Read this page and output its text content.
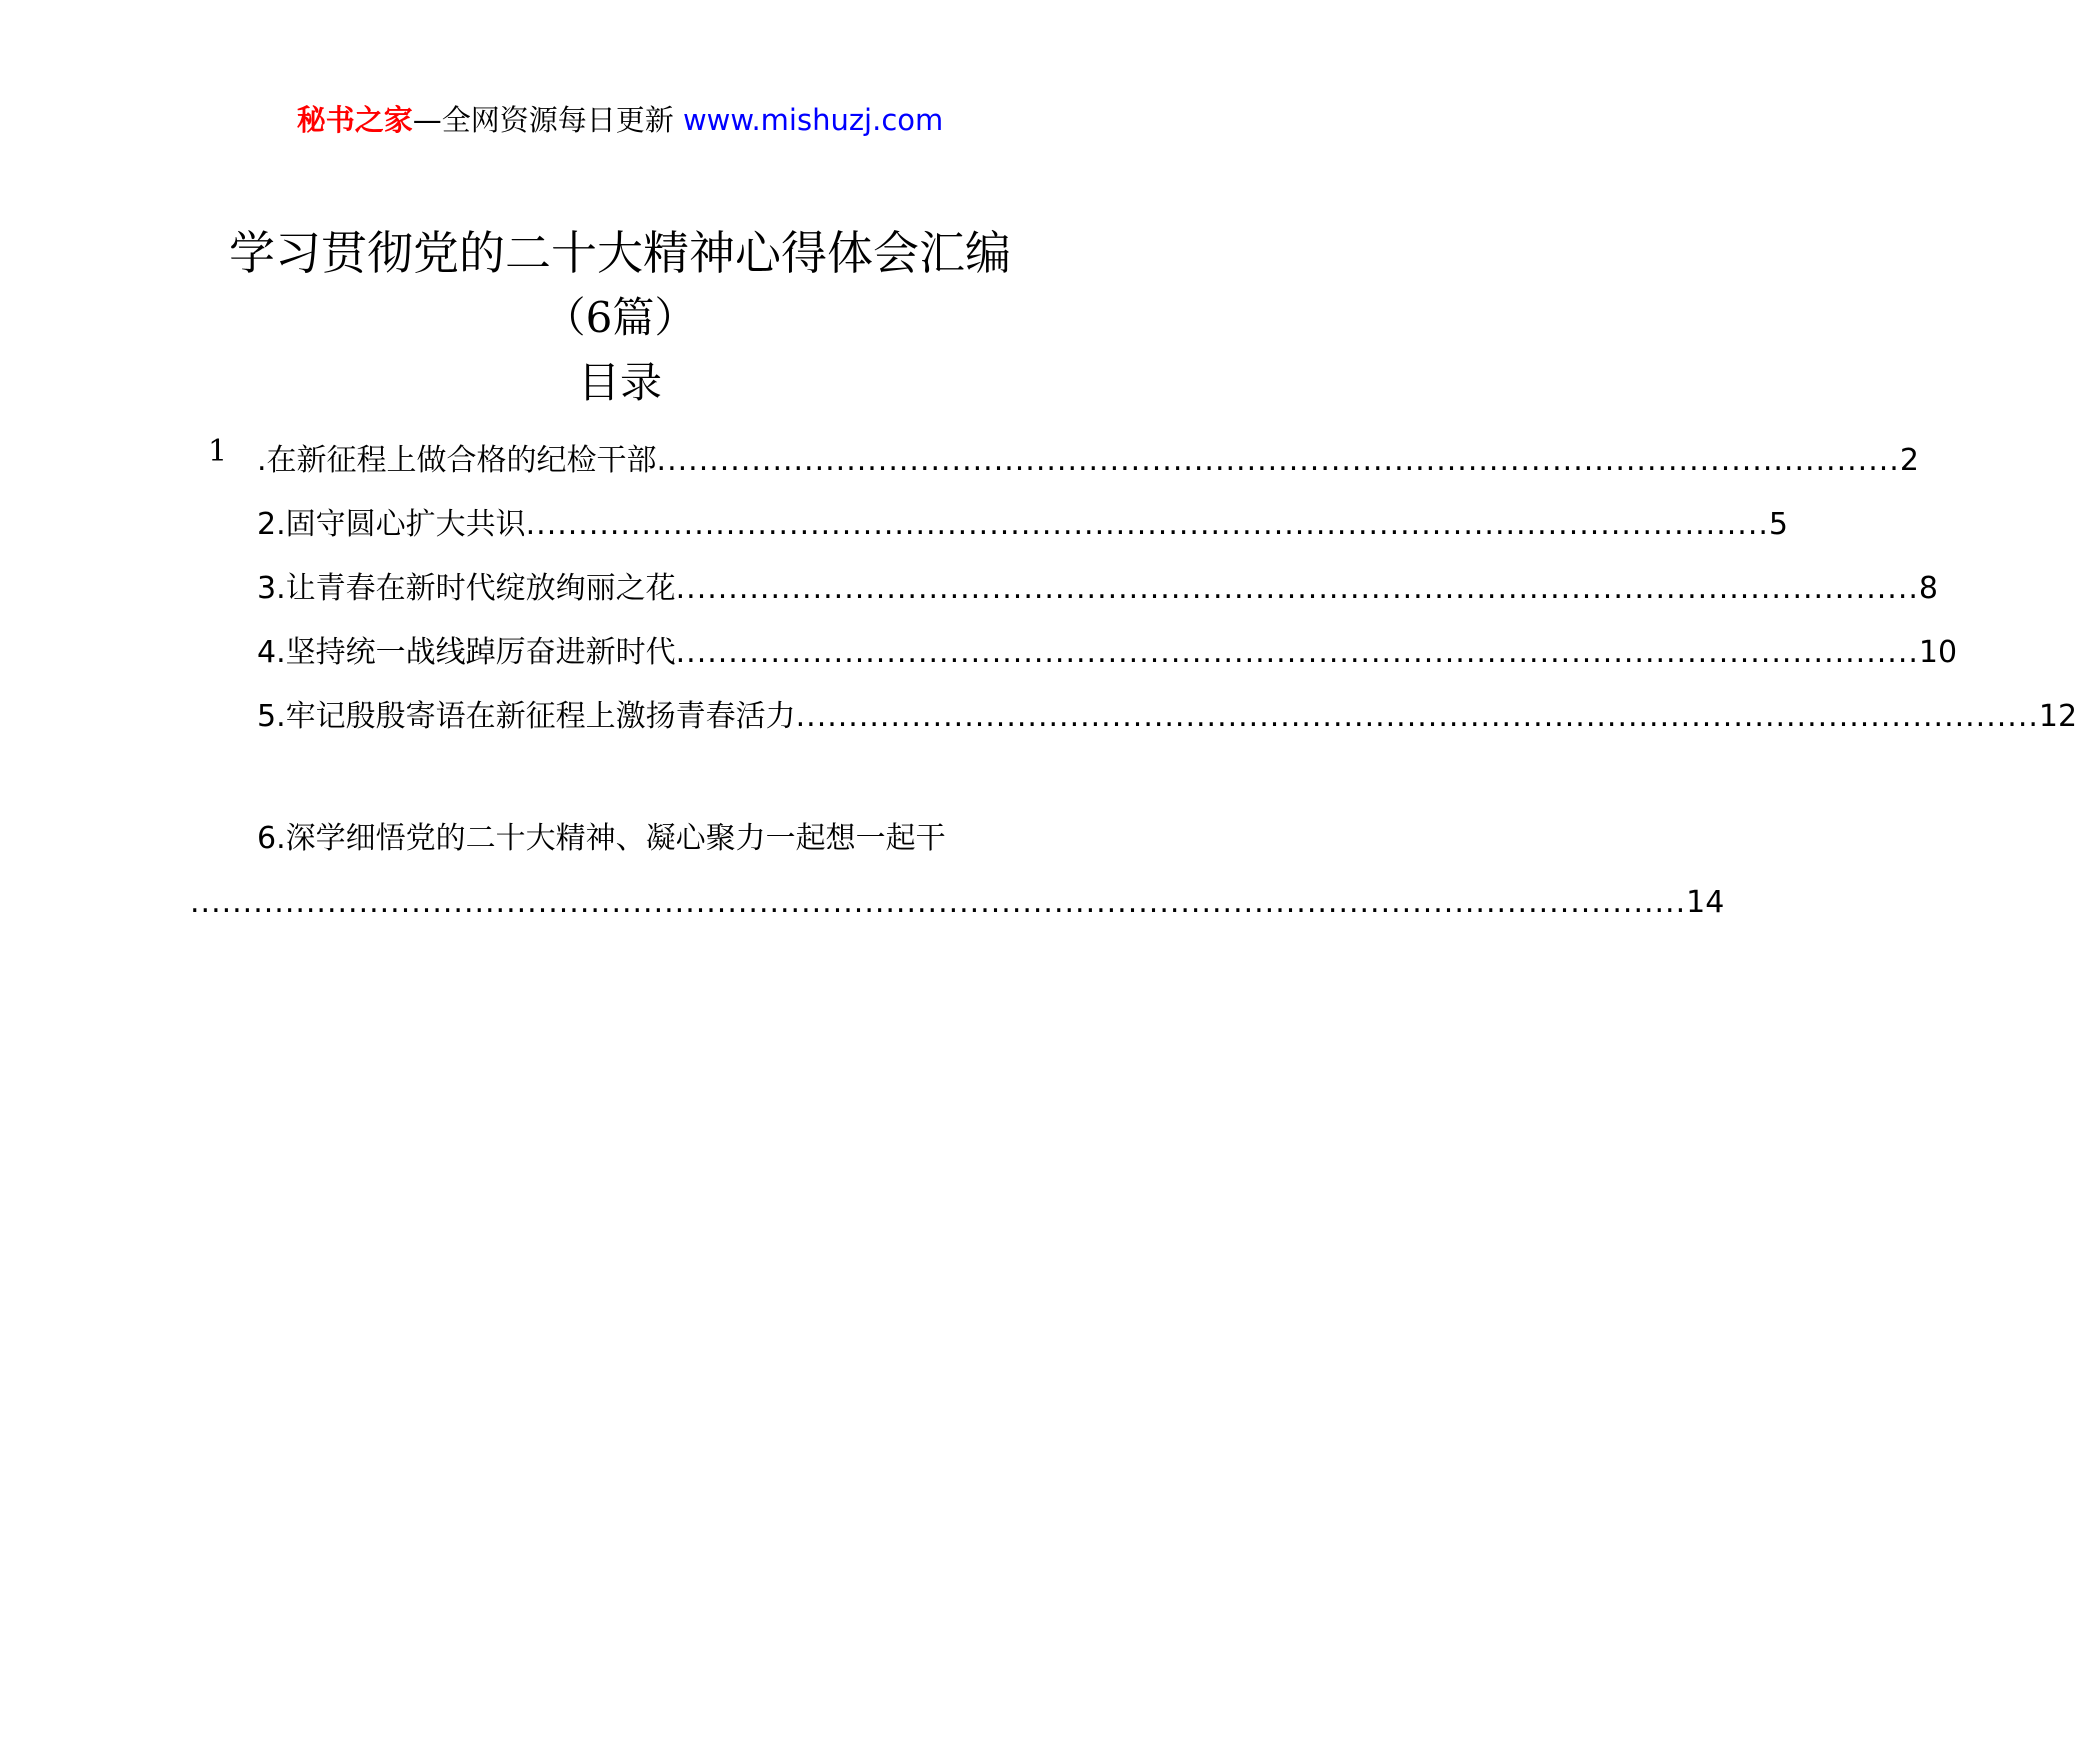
秘书之家—全网资源每日更新 www.mishuzj.com
学习贯彻党的二十大精神心得体会汇编
（6篇）
目录
1 .在新征程上做合格的纪检干部 ...................................................................................................................... 2
2.固守圆心扩大共识 ...................................................................................................................... 5
3.让青春在新时代绽放绚丽之花 ...................................................................................................................... 8
4.坚持统一战线踔厉奋进新时代 ...................................................................................................................... 10
5.牢记殷殷寄语在新征程上激扬青春活力 ...................................................................................................................... 12
6.深学细悟党的二十大精神、凝心聚力一起想一起干
.............................................................................................................................................. 14
